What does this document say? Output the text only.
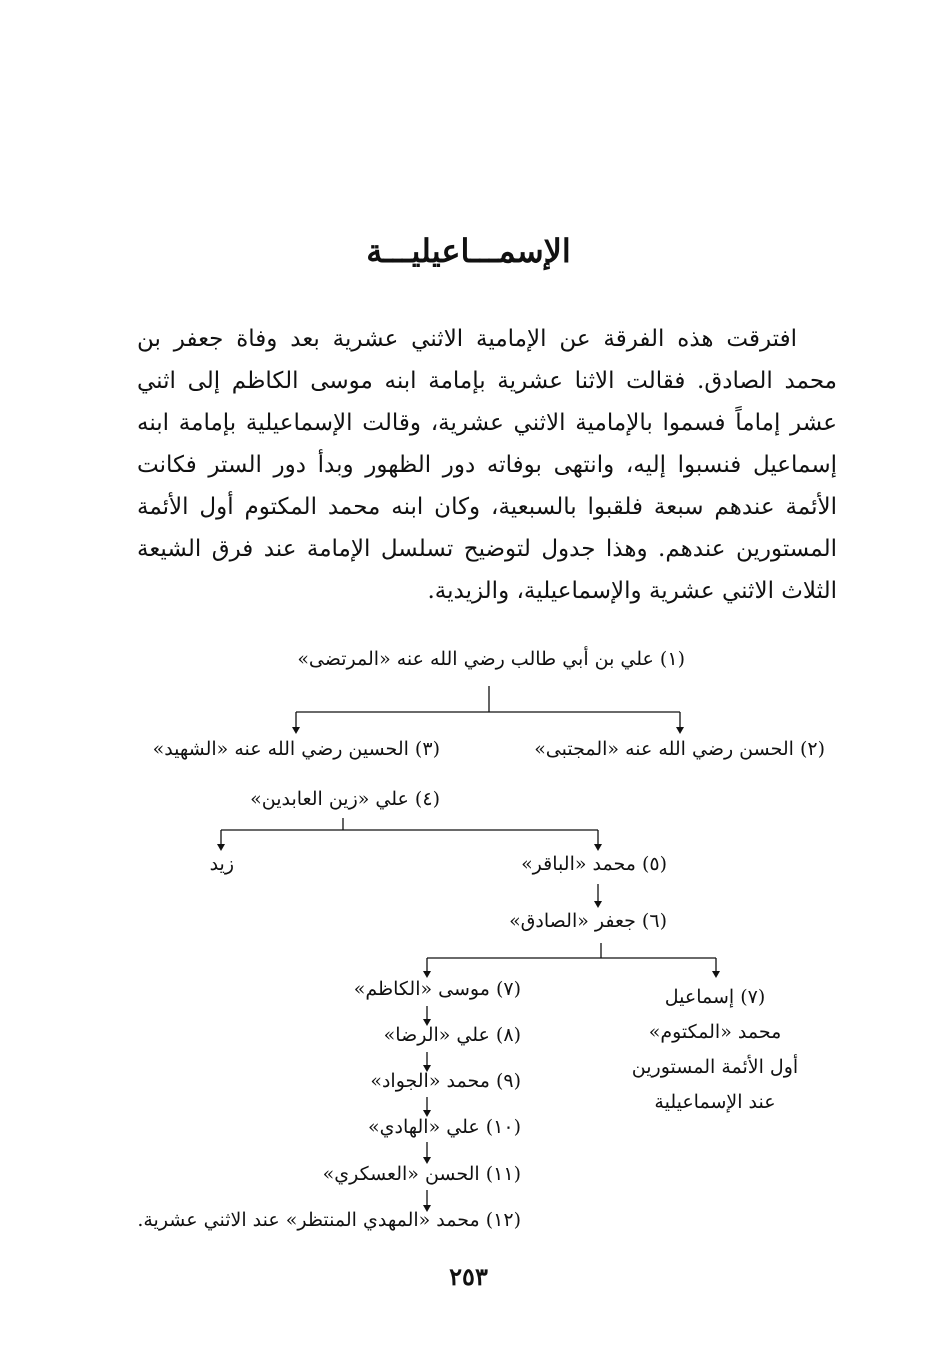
الإسمـــاعيليـــة

افترقت هذه الفرقة عن الإمامية الاثني عشرية بعد وفاة جعفر بن محمد الصادق. فقالت الاثنا عشرية بإمامة ابنه موسى الكاظم إلى اثني عشر إماماً فسموا بالإمامية الاثني عشرية، وقالت الإسماعيلية بإمامة ابنه إسماعيل فنسبوا إليه، وانتهى بوفاته دور الظهور وبدأ دور الستر فكانت الأئمة عندهم سبعة فلقبوا بالسبعية، وكان ابنه محمد المكتوم أول الأئمة المستورين عندهم. وهذا جدول لتوضيح تسلسل الإمامة عند فرق الشيعة الثلاث الاثني عشرية والإسماعيلية، والزيدية.

(١) علي بن أبي طالب رضي الله عنه «المرتضى»
(٢) الحسن رضي الله عنه «المجتبى»
(٣) الحسين رضي الله عنه «الشهيد»
(٤) علي «زين العابدين»
زيد	(٥) محمد «الباقر»
(٦) جعفر «الصادق»
(٧) موسى «الكاظم»
(٨) علي «الرضا»
(٩) محمد «الجواد»
(١٠) علي «الهادي»
(١١) الحسن «العسكري»
(١٢) محمد «المهدي المنتظر» عند الاثني عشرية.
(٧) إسماعيل
محمد «المكتوم»
أول الأئمة المستورين
عند الإسماعيلية
٢٥٣
